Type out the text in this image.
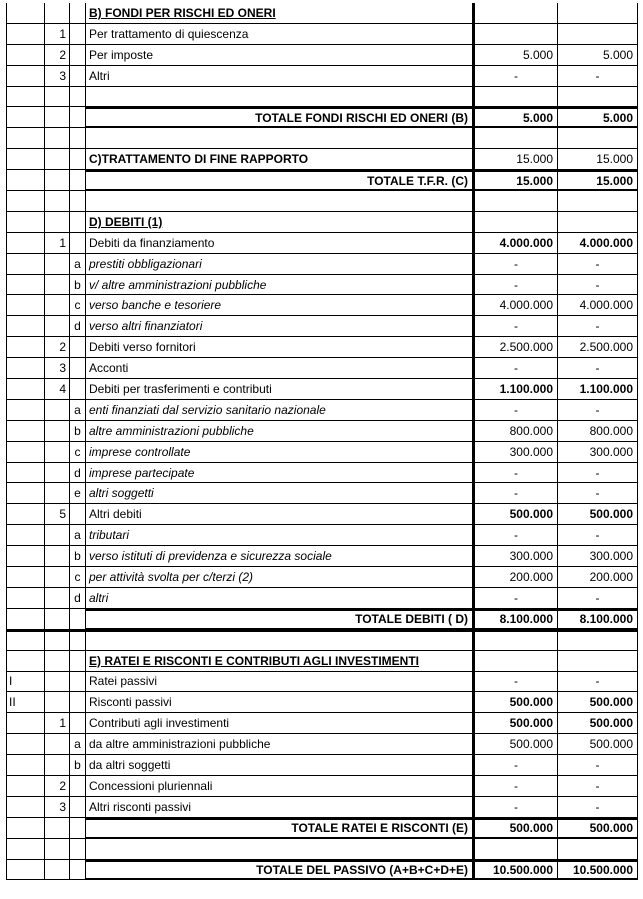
B) FONDI PER RISCHI ED ONERI
1	Per trattamento di quiescenza
2	Per imposte	5.000	5.000
3	Altri	-	-
TOTALE FONDI RISCHI ED ONERI (B)	5.000	5.000
C)TRATTAMENTO DI FINE RAPPORTO	15.000	15.000
TOTALE T.F.R. (C)	15.000	15.000
D) DEBITI (1)
1	Debiti da finanziamento	4.000.000	4.000.000
a prestiti obbligazionari	-	-
b v/ altre amministrazioni pubbliche	-	-
c verso banche e tesoriere	4.000.000	4.000.000
d verso altri finanziatori	-	-
2	Debiti verso fornitori	2.500.000	2.500.000
3	Acconti	-	-
4	Debiti per trasferimenti e contributi	1.100.000	1.100.000
a enti finanziati dal servizio sanitario nazionale	-	-
b altre amministrazioni pubbliche	800.000	800.000
c imprese controllate	300.000	300.000
d imprese partecipate	-	-
e altri soggetti	-	-
5	Altri debiti	500.000	500.000
a tributari	-	-
b verso istituti di previdenza e sicurezza sociale	300.000	300.000
c per attività svolta per c/terzi (2)	200.000	200.000
d altri	-	-
TOTALE DEBITI ( D)	8.100.000	8.100.000
E) RATEI E RISCONTI E CONTRIBUTI AGLI INVESTIMENTI
I	Ratei passivi	-	-
II	Risconti passivi	500.000	500.000
1	Contributi agli investimenti	500.000	500.000
a da altre amministrazioni pubbliche	500.000	500.000
b da altri soggetti	-	-
2	Concessioni pluriennali	-	-
3	Altri risconti passivi	-	-
TOTALE RATEI E RISCONTI (E)	500.000	500.000
TOTALE DEL PASSIVO (A+B+C+D+E)	10.500.000	10.500.000
